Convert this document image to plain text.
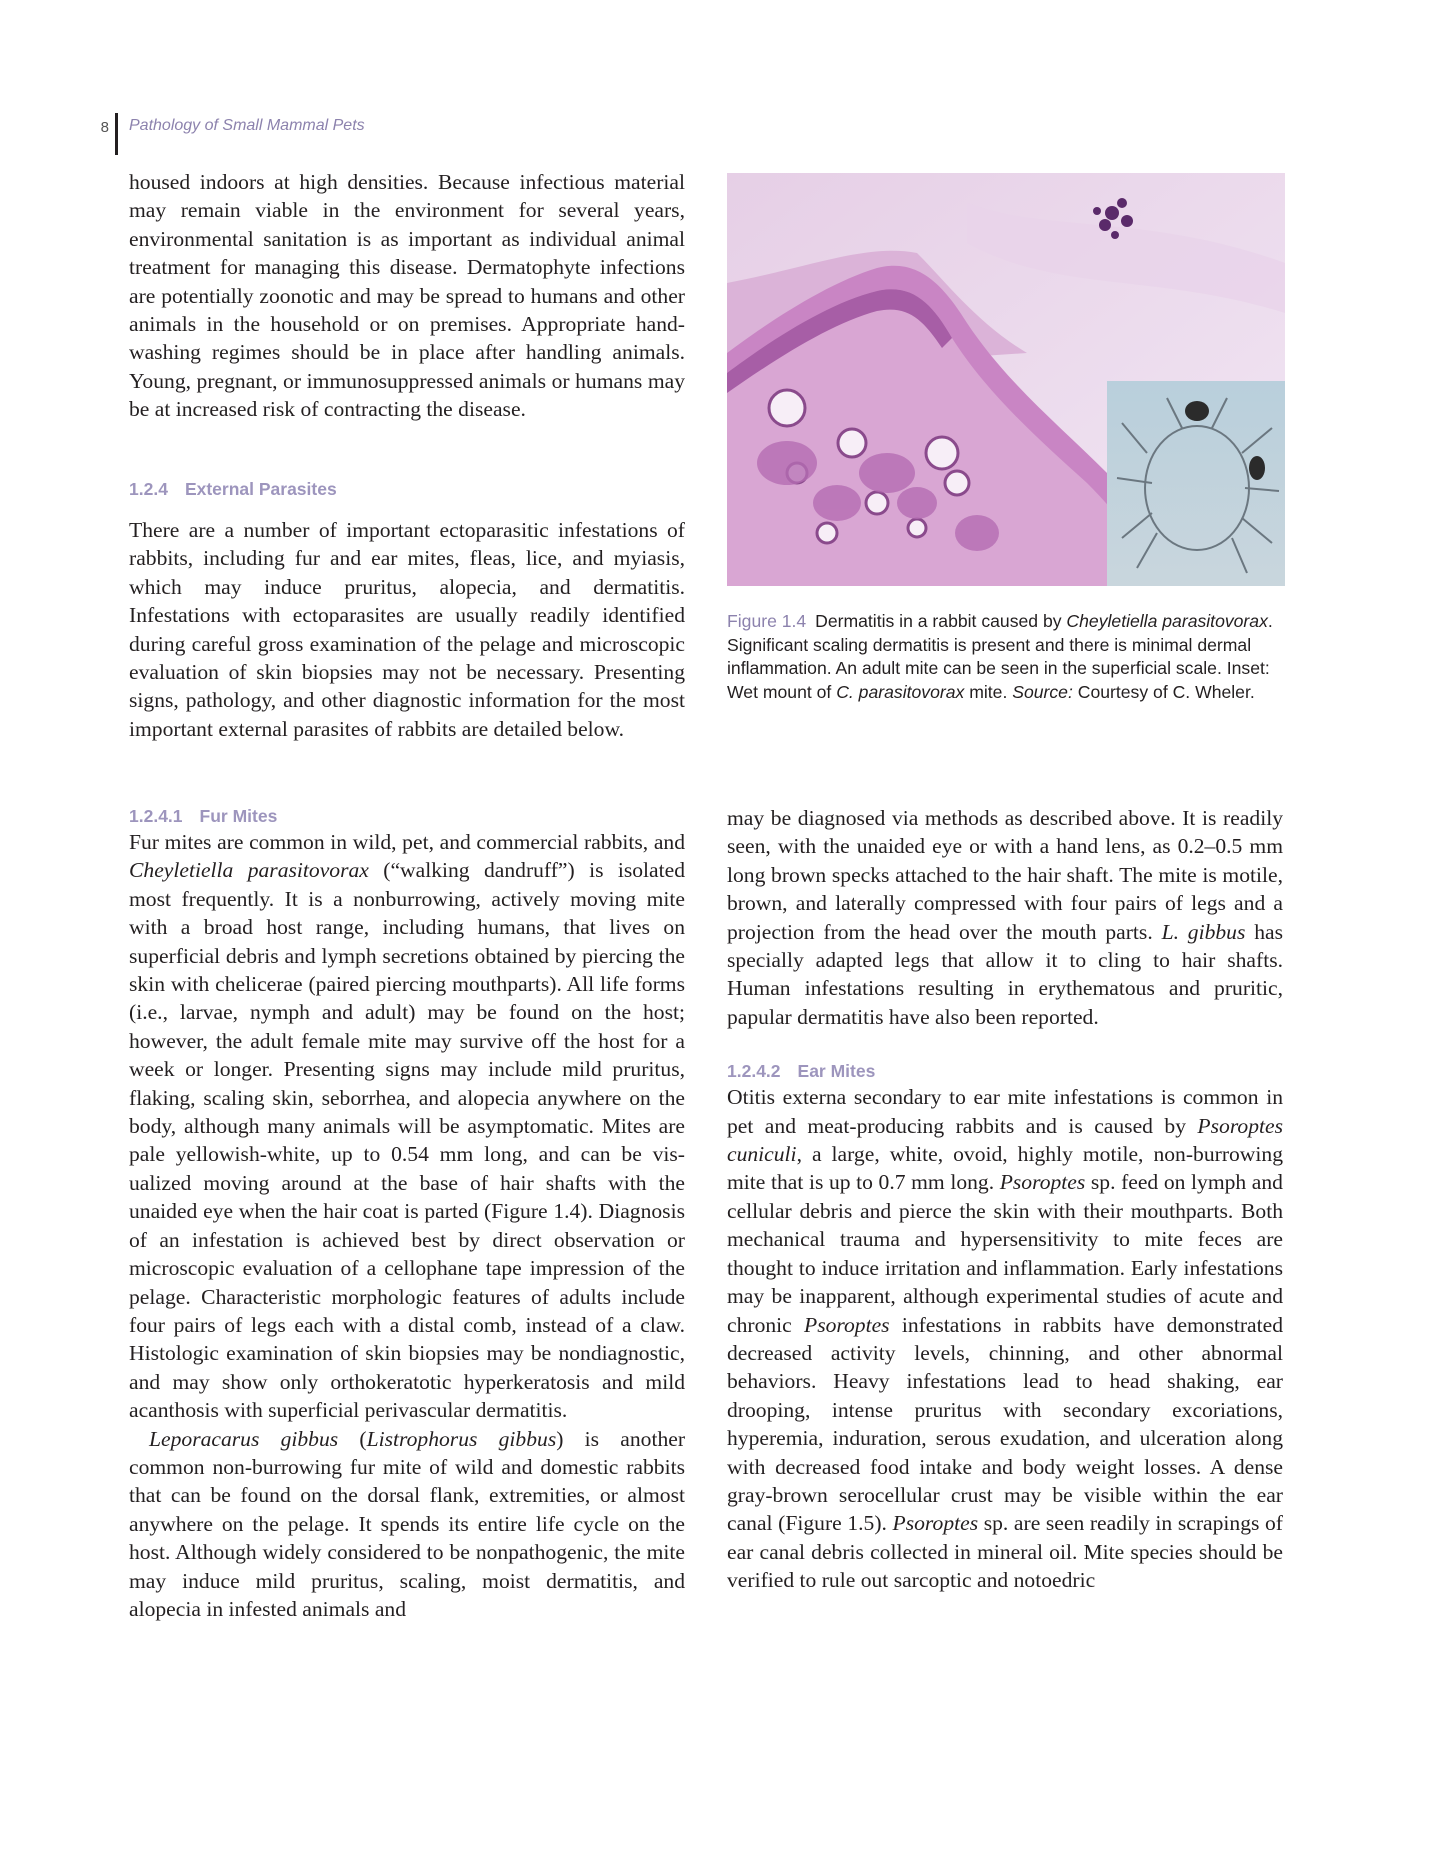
8 Pathology of Small Mammal Pets

housed indoors at high densities. Because infectious material may remain viable in the environment for several years, environmental sanitation is as important as individual animal treatment for managing this disease. Dermatophyte infections are potentially zoonotic and may be spread to humans and other animals in the household or on premises. Appropriate hand-washing regimes should be in place after handling animals. Young, pregnant, or immunosuppressed animals or humans may be at increased risk of contracting the disease.

1.2.4 External Parasites

There are a number of important ectoparasitic infestations of rabbits, including fur and ear mites, fleas, lice, and myiasis, which may induce pruritus, alopecia, and dermatitis. Infestations with ectoparasites are usually readily identified during careful gross examination of the pelage and microscopic evaluation of skin biopsies may not be necessary. Presenting signs, pathology, and other diagnostic information for the most important external parasites of rabbits are detailed below.

Figure 1.4 Dermatitis in a rabbit caused by Cheyletiella parasitovorax. Significant scaling dermatitis is present and there is minimal dermal inflammation. An adult mite can be seen in the superficial scale. Inset: Wet mount of C. parasitovorax mite. Source: Courtesy of C. Wheler.

1.2.4.1 Fur Mites

Fur mites are common in wild, pet, and commercial rabbits, and Cheyletiella parasitovorax (“walking dandruff”) is isolated most frequently. It is a nonburrowing, actively moving mite with a broad host range, including humans, that lives on superficial debris and lymph secretions obtained by piercing the skin with chelicerae (paired piercing mouthparts). All life forms (i.e., larvae, nymph and adult) may be found on the host; however, the adult female mite may survive off the host for a week or longer. Presenting signs may include mild pruritus, flaking, scaling skin, seborrhea, and alopecia anywhere on the body, although many animals will be asymptomatic. Mites are pale yellowish-white, up to 0.54 mm long, and can be visualized moving around at the base of hair shafts with the unaided eye when the hair coat is parted (Figure 1.4). Diagnosis of an infestation is achieved best by direct observation or microscopic evaluation of a cellophane tape impression of the pelage. Characteristic morphologic features of adults include four pairs of legs each with a distal comb, instead of a claw. Histologic examination of skin biopsies may be nondiagnostic, and may show only orthokeratotic hyperkeratosis and mild acanthosis with superficial perivascular dermatitis.

Leporacarus gibbus (Listrophorus gibbus) is another common non-burrowing fur mite of wild and domestic rabbits that can be found on the dorsal flank, extremities, or almost anywhere on the pelage. It spends its entire life cycle on the host. Although widely considered to be nonpathogenic, the mite may induce mild pruritus, scaling, moist dermatitis, and alopecia in infested animals and

may be diagnosed via methods as described above. It is readily seen, with the unaided eye or with a hand lens, as 0.2–0.5 mm long brown specks attached to the hair shaft. The mite is motile, brown, and laterally compressed with four pairs of legs and a projection from the head over the mouth parts. L. gibbus has specially adapted legs that allow it to cling to hair shafts. Human infestations resulting in erythematous and pruritic, papular dermatitis have also been reported.

1.2.4.2 Ear Mites

Otitis externa secondary to ear mite infestations is common in pet and meat-producing rabbits and is caused by Psoroptes cuniculi, a large, white, ovoid, highly motile, non-burrowing mite that is up to 0.7 mm long. Psoroptes sp. feed on lymph and cellular debris and pierce the skin with their mouthparts. Both mechanical trauma and hypersensitivity to mite feces are thought to induce irritation and inflammation. Early infestations may be inapparent, although experimental studies of acute and chronic Psoroptes infestations in rabbits have demonstrated decreased activity levels, chinning, and other abnormal behaviors. Heavy infestations lead to head shaking, ear drooping, intense pruritus with secondary excoriations, hyperemia, induration, serous exudation, and ulceration along with decreased food intake and body weight losses. A dense gray-brown serocellular crust may be visible within the ear canal (Figure 1.5). Psoroptes sp. are seen readily in scrapings of ear canal debris collected in mineral oil. Mite species should be verified to rule out sarcoptic and notoedric
